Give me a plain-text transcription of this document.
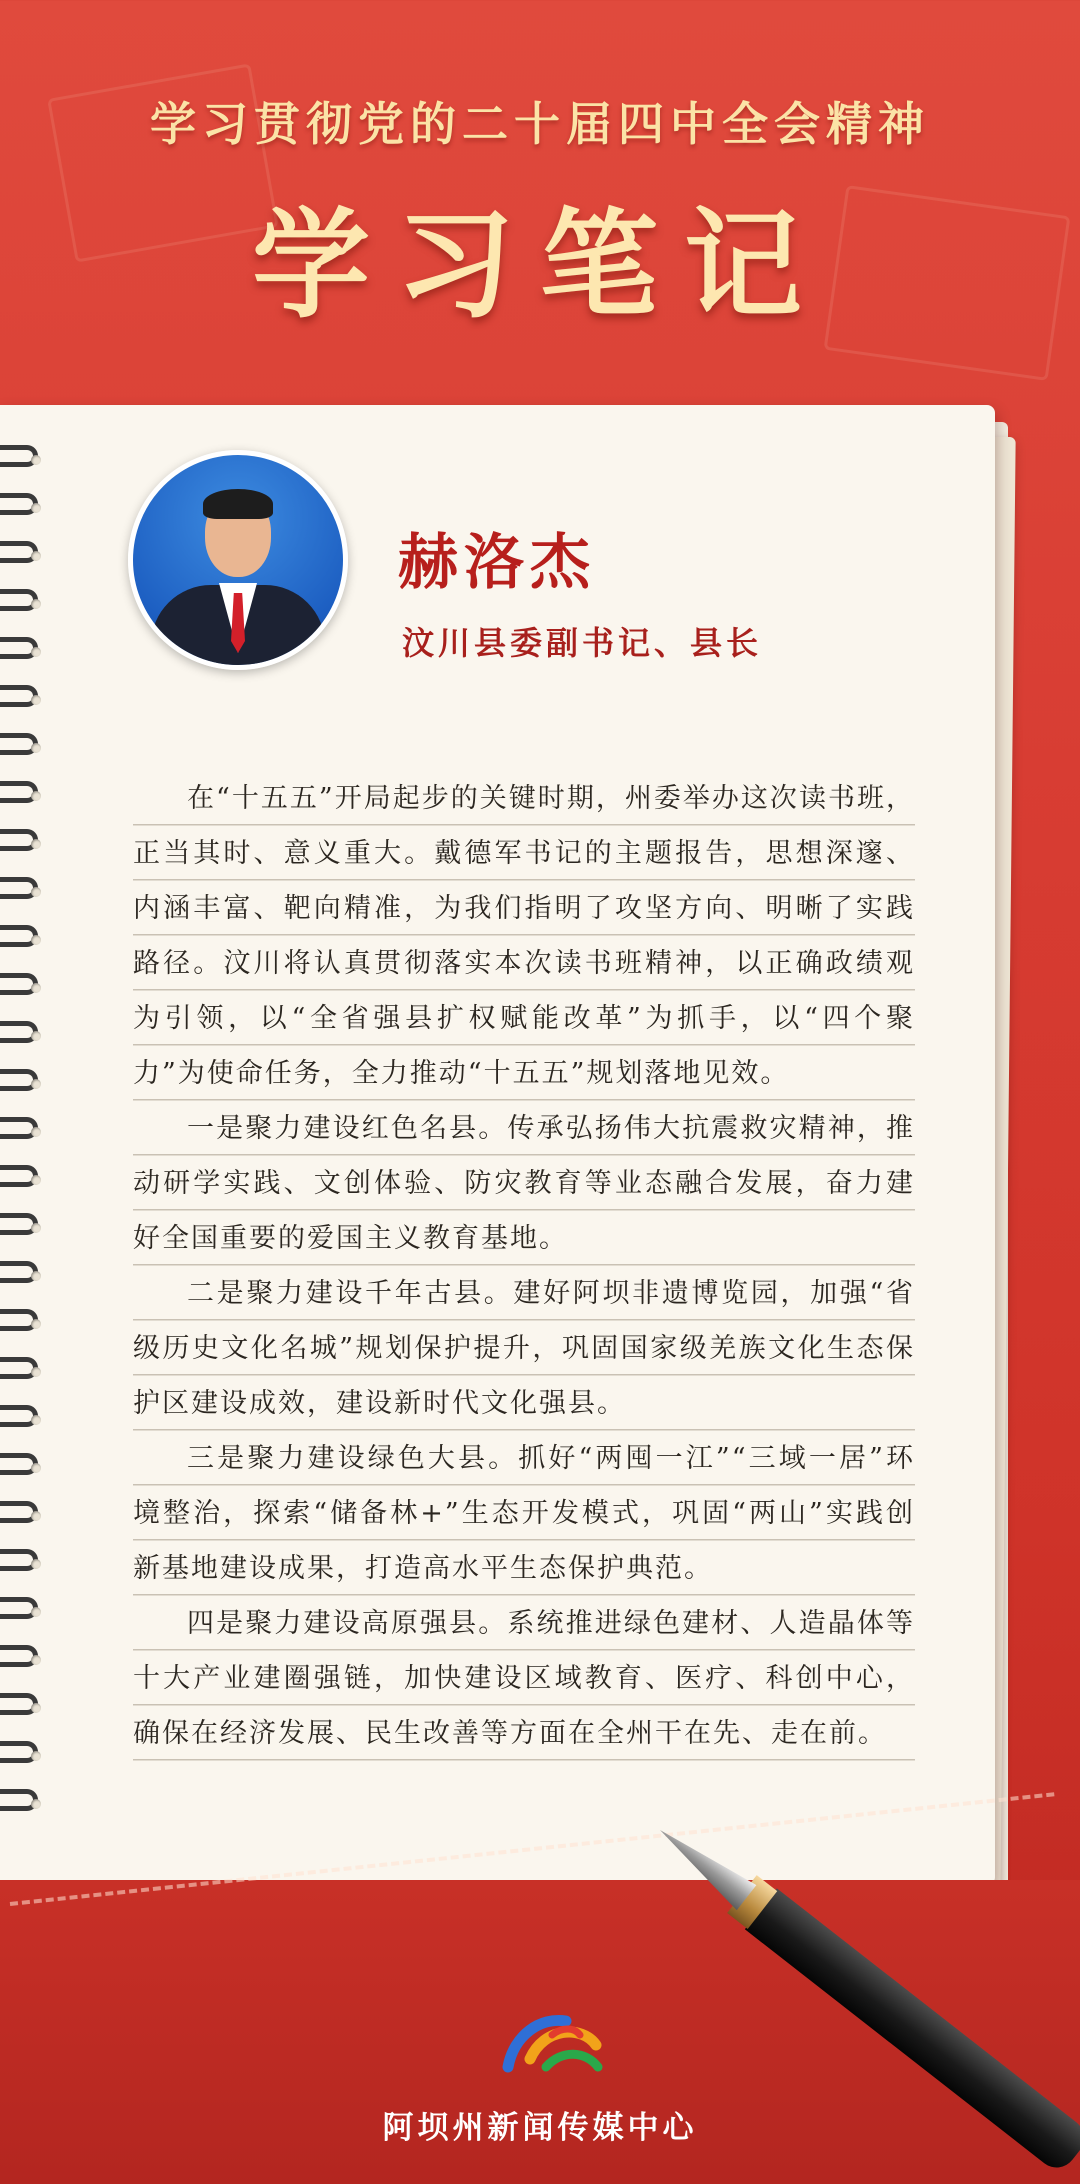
学习贯彻党的二十届四中全会精神
学习笔记
赫洛杰
汶川县委副书记、县长

在“十五五”开局起步的关键时期，州委举办这次读书班，正当其时、意义重大。戴德军书记的主题报告，思想深邃、内涵丰富、靶向精准，为我们指明了攻坚方向、明晰了实践路径。汶川将认真贯彻落实本次读书班精神，以正确政绩观为引领，以“全省强县扩权赋能改革”为抓手，以“四个聚力”为使命任务，全力推动“十五五”规划落地见效。

一是聚力建设红色名县。传承弘扬伟大抗震救灾精神，推动研学实践、文创体验、防灾教育等业态融合发展，奋力建好全国重要的爱国主义教育基地。

二是聚力建设千年古县。建好阿坝非遗博览园，加强“省级历史文化名城”规划保护提升，巩固国家级羌族文化生态保护区建设成效，建设新时代文化强县。

三是聚力建设绿色大县。抓好“两囤一江”“三域一居”环境整治，探索“储备林+”生态开发模式，巩固“两山”实践创新基地建设成果，打造高水平生态保护典范。

四是聚力建设高原强县。系统推进绿色建材、人造晶体等十大产业建圈强链，加快建设区域教育、医疗、科创中心，确保在经济发展、民生改善等方面在全州干在先、走在前。

阿坝州新闻传媒中心
